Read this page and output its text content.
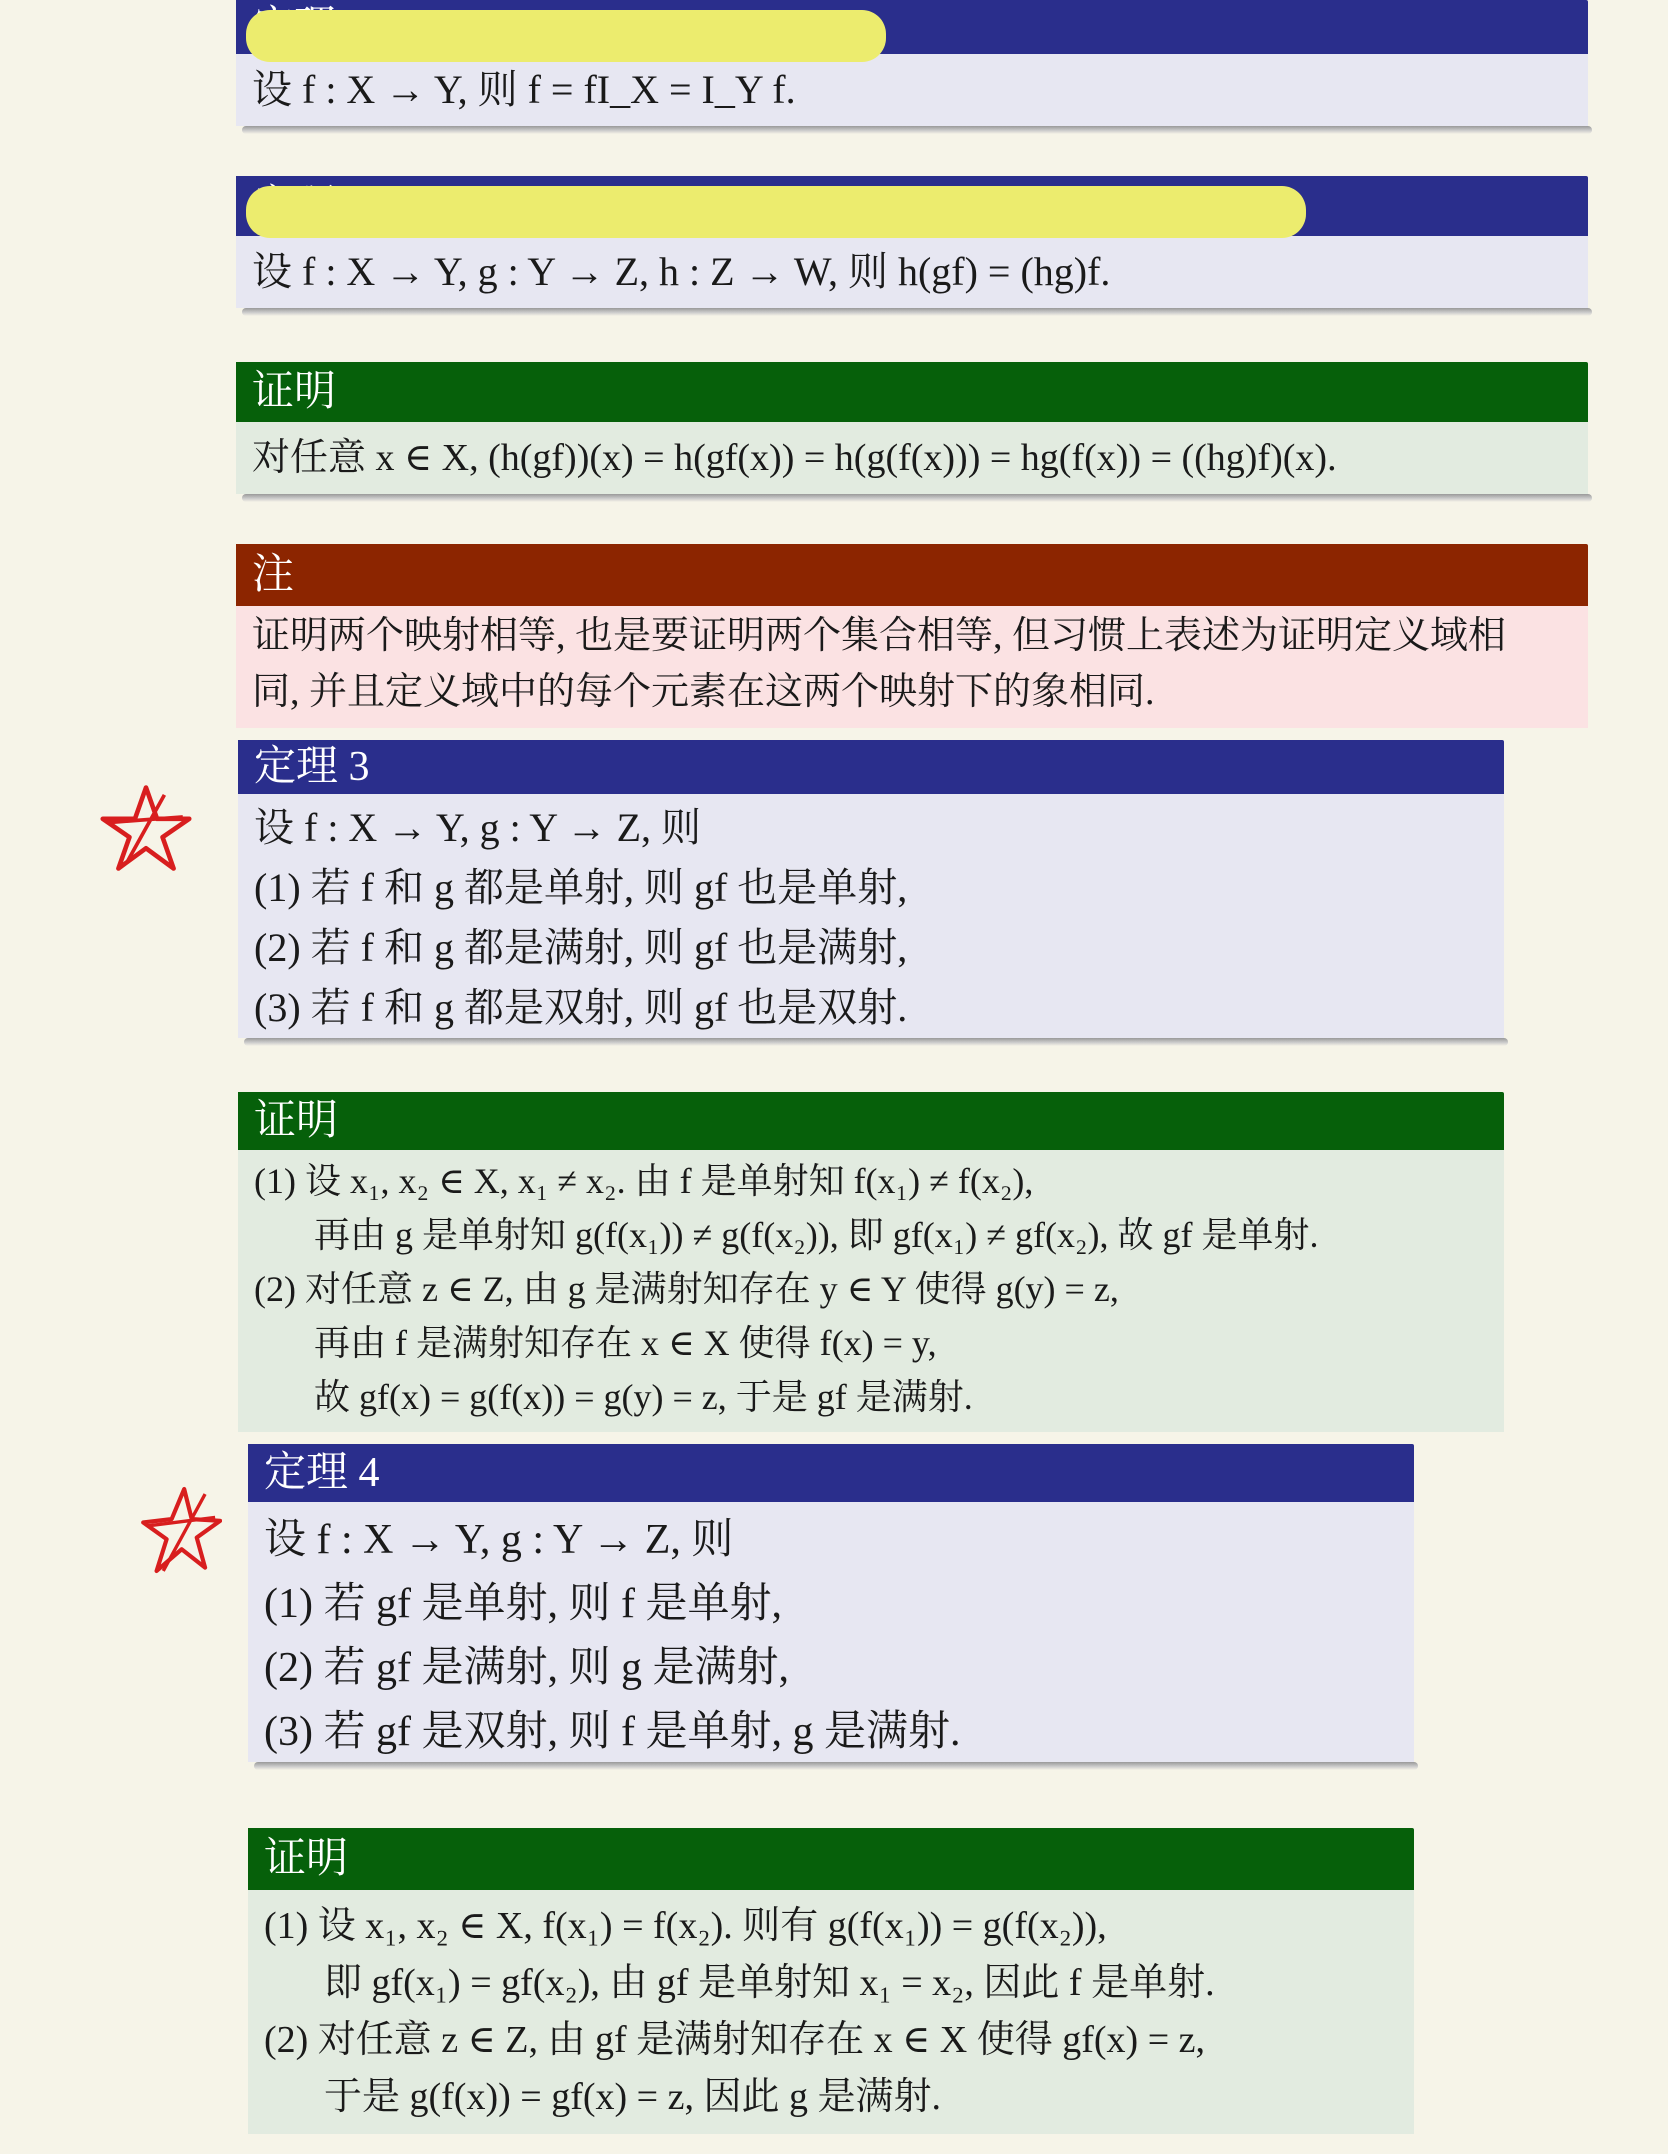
设 f : X → Y, 则 f = fI_X = I_Y f.
设 f : X → Y, g : Y → Z, h : Z → W, 则 h(gf) = (hg)f.
证明
对任意 x ∈ X, (h(gf))(x) = h(gf(x)) = h(g(f(x))) = hg(f(x)) = ((hg)f)(x).
注
证明两个映射相等, 也是要证明两个集合相等, 但习惯上表述为证明定义域相
同, 并且定义域中的每个元素在这两个映射下的象相同.
定理 3
设 f : X → Y, g : Y → Z, 则
(1) 若 f 和 g 都是单射, 则 gf 也是单射,
(2) 若 f 和 g 都是满射, 则 gf 也是满射,
(3) 若 f 和 g 都是双射, 则 gf 也是双射.
证明
(1) 设 x₁, x₂ ∈ X, x₁ ≠ x₂. 由 f 是单射知 f(x₁) ≠ f(x₂),
再由 g 是单射知 g(f(x₁)) ≠ g(f(x₂)), 即 gf(x₁) ≠ gf(x₂), 故 gf 是单射.
(2) 对任意 z ∈ Z, 由 g 是满射知存在 y ∈ Y 使得 g(y) = z,
再由 f 是满射知存在 x ∈ X 使得 f(x) = y,
故 gf(x) = g(f(x)) = g(y) = z, 于是 gf 是满射.
定理 4
设 f : X → Y, g : Y → Z, 则
(1) 若 gf 是单射, 则 f 是单射,
(2) 若 gf 是满射, 则 g 是满射,
(3) 若 gf 是双射, 则 f 是单射, g 是满射.
证明
(1) 设 x₁, x₂ ∈ X, f(x₁) = f(x₂). 则有 g(f(x₁)) = g(f(x₂)),
即 gf(x₁) = gf(x₂), 由 gf 是单射知 x₁ = x₂, 因此 f 是单射.
(2) 对任意 z ∈ Z, 由 gf 是满射知存在 x ∈ X 使得 gf(x) = z,
于是 g(f(x)) = gf(x) = z, 因此 g 是满射.
